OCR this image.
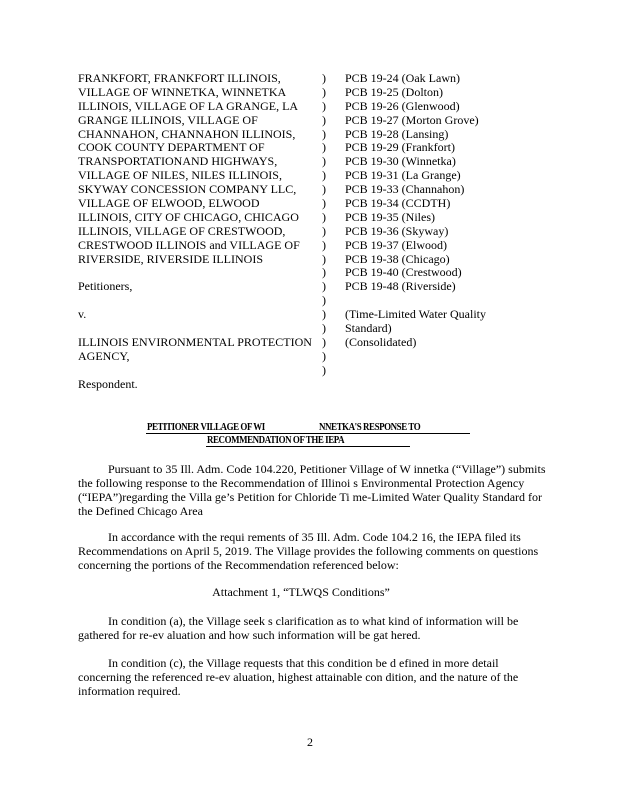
FRANKFORT, FRANKFORT ILLINOIS,
VILLAGE OF WINNETKA, WINNETKA
ILLINOIS, VILLAGE OF LA GRANGE, LA
GRANGE ILLINOIS, VILLAGE OF
CHANNAHON, CHANNAHON ILLINOIS,
COOK COUNTY DEPARTMENT OF
TRANSPORTATIONAND HIGHWAYS,
VILLAGE OF NILES, NILES ILLINOIS,
SKYWAY CONCESSION COMPANY LLC,
VILLAGE OF ELWOOD, ELWOOD
ILLINOIS, CITY OF CHICAGO, CHICAGO
ILLINOIS, VILLAGE OF CRESTWOOD,
CRESTWOOD ILLINOIS and VILLAGE OF
RIVERSIDE, RIVERSIDE ILLINOIS
Petitioners,
v.
ILLINOIS ENVIRONMENTAL PROTECTION
AGENCY,
Respondent.
)
)
)
)
)
)
)
)
)
)
)
)
)
)
)
)
)
)
)
)
)
)
PCB 19-24 (Oak Lawn)
PCB 19-25 (Dolton)
PCB 19-26 (Glenwood)
PCB 19-27 (Morton Grove)
PCB 19-28 (Lansing)
PCB 19-29 (Frankfort)
PCB 19-30 (Winnetka)
PCB 19-31 (La Grange)
PCB 19-33 (Channahon)
PCB 19-34 (CCDTH)
PCB 19-35 (Niles)
PCB 19-36 (Skyway)
PCB 19-37 (Elwood)
PCB 19-38 (Chicago)
PCB 19-40 (Crestwood)
PCB 19-48 (Riverside)
(Time-Limited Water Quality
Standard)
(Consolidated)
PETITIONER VILLAGE OF WI	NNETKA'S RESPONSE TO
RECOMMENDATION OF THE IEPA
Pursuant to 35 Ill. Adm. Code 104.220, Petitioner Village of W innetka (“Village”) submits the following response to the Recommendation of Illinoi s Environmental Protection Agency (“IEPA”)regarding the Villa ge’s Petition for Chloride Ti me-Limited Water Quality Standard for the Defined Chicago Area
In accordance with the requi rements of 35 Ill. Adm. Code 104.2 16, the IEPA filed its Recommendations on April 5, 2019. The Village provides the following comments on questions concerning the portions of the Recommendation referenced below:
Attachment 1, “TLWQS Conditions”
In condition (a), the Village seek s clarification as to what kind of information will be gathered for re-ev aluation and how such information will be gat hered.
In condition (c), the Village requests that this condition be d efined in more detail concerning the referenced re-ev aluation, highest attainable con dition, and the nature of the information required.
2
